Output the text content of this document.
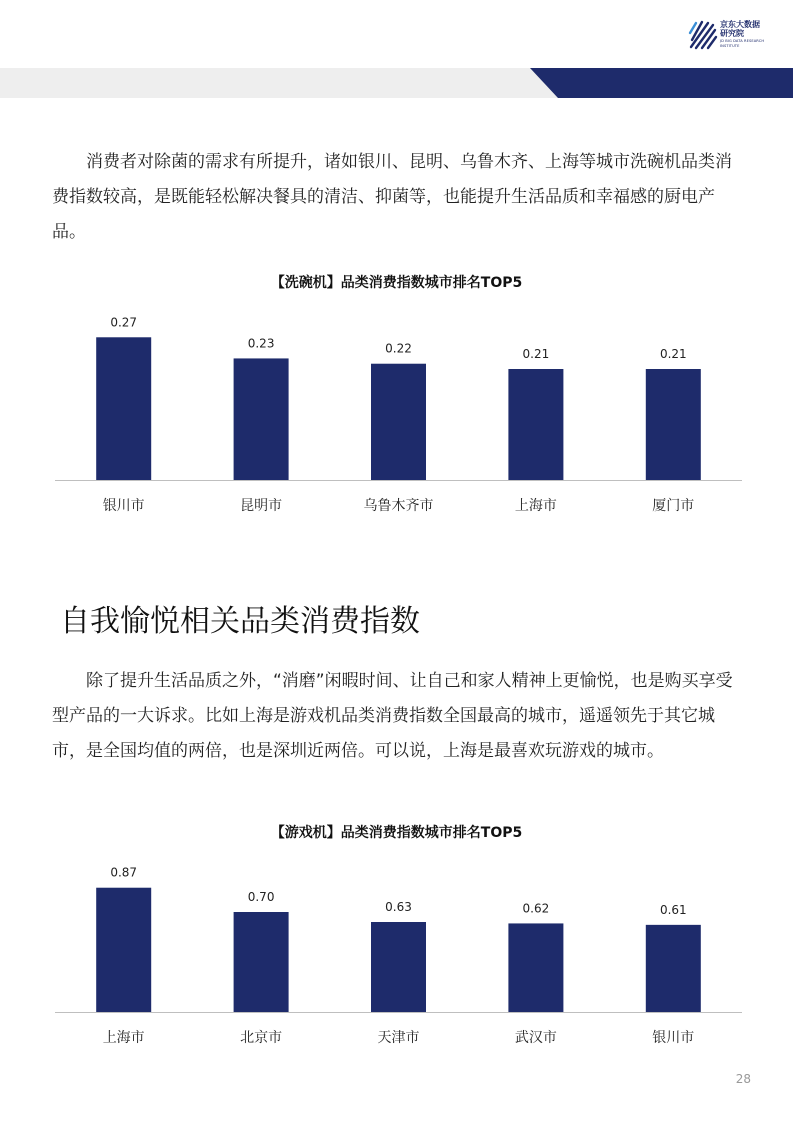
京东大数据研究院
JD BIG DATA RESEARCH INSTITUTE

消费者对除菌的需求有所提升，诸如银川、昆明、乌鲁木齐、上海等城市洗碗机品类消费指数较高，是既能轻松解决餐具的清洁、抑菌等，也能提升生活品质和幸福感的厨电产品。

【洗碗机】品类消费指数城市排名TOP5
0.27
银川市
0.23
昆明市
0.22
乌鲁木齐市
0.21
上海市
0.21
厦门市
自我愉悦相关品类消费指数

除了提升生活品质之外，“消磨”闲暇时间、让自己和家人精神上更愉悦，也是购买享受型产品的一大诉求。比如上海是游戏机品类消费指数全国最高的城市，遥遥领先于其它城市，是全国均值的两倍，也是深圳近两倍。可以说，上海是最喜欢玩游戏的城市。

【游戏机】品类消费指数城市排名TOP5
0.87
上海市
0.70
北京市
0.63
天津市
0.62
武汉市
0.61
银川市
28
